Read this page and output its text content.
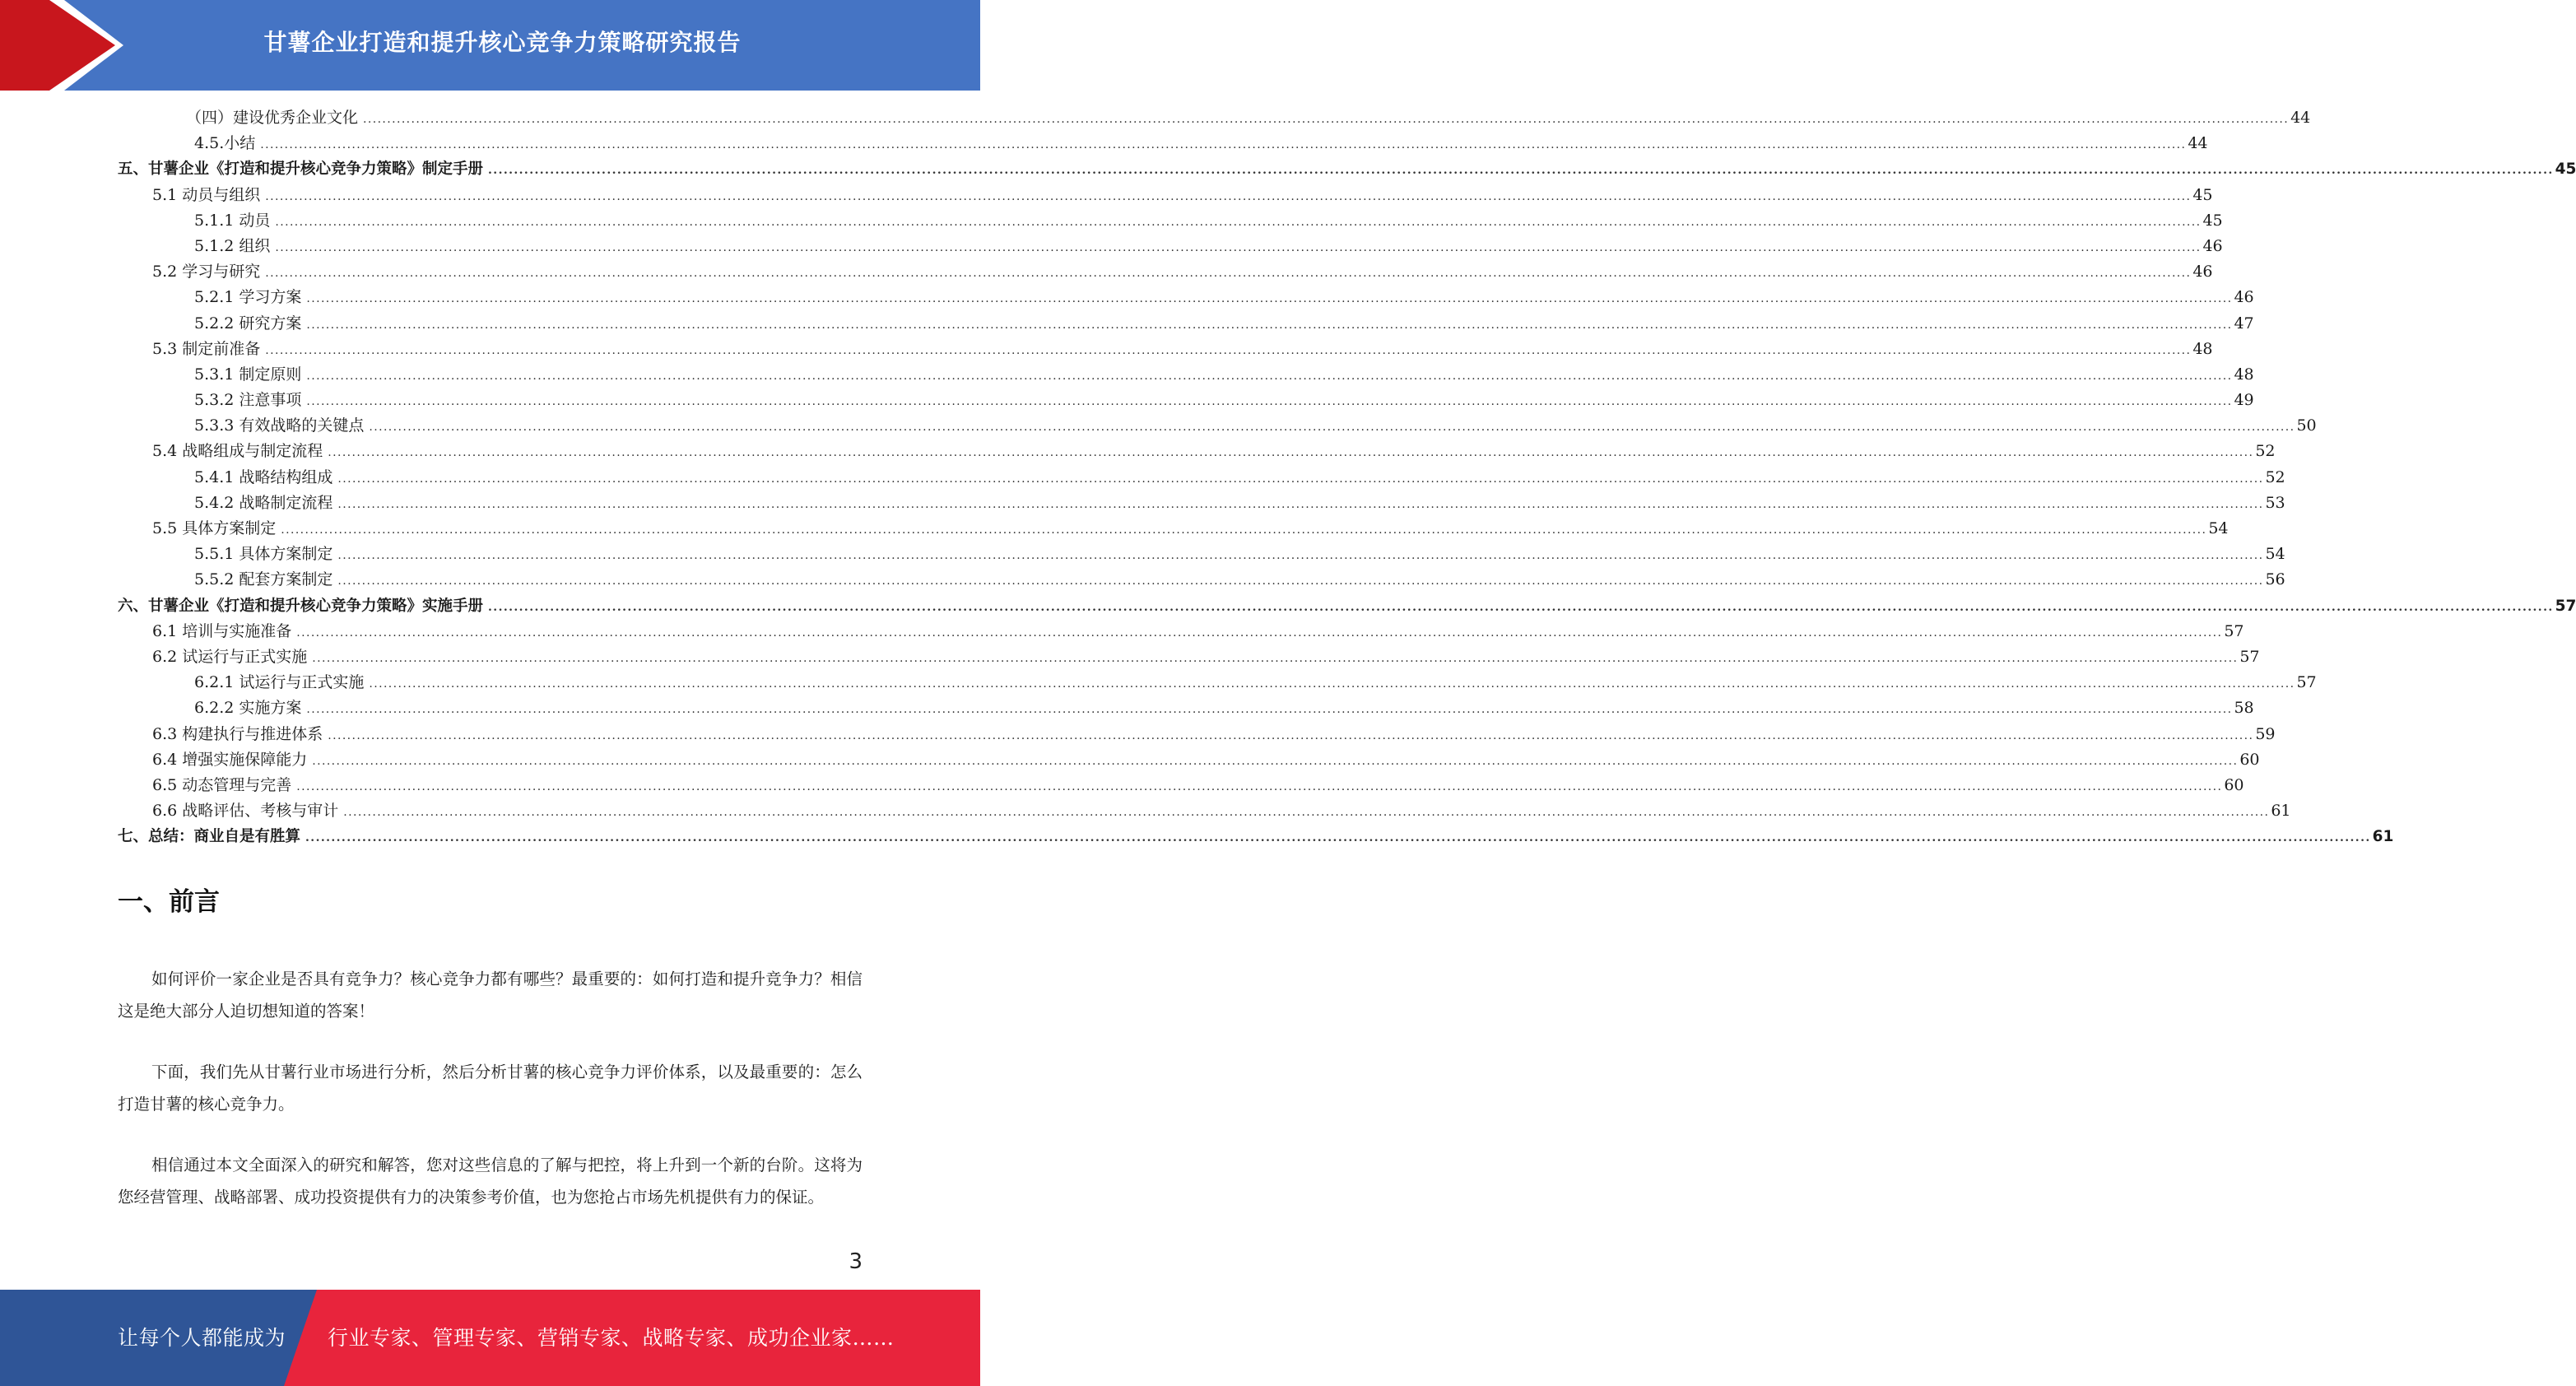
甘薯企业打造和提升核心竞争力策略研究报告
（四）建设优秀企业文化 ................................................................................................................................................................................................................................................................................................................................................................................................................ 44
4.5.小结 ................................................................................................................................................................................................................................................................................................................................................................................................................ 44
五、甘薯企业《打造和提升核心竞争力策略》制定手册 ................................................................................................................................................................................................................................................................................................................................................................................................................ 45
5.1 动员与组织 ................................................................................................................................................................................................................................................................................................................................................................................................................ 45
5.1.1 动员 ................................................................................................................................................................................................................................................................................................................................................................................................................ 45
5.1.2 组织 ................................................................................................................................................................................................................................................................................................................................................................................................................ 46
5.2 学习与研究 ................................................................................................................................................................................................................................................................................................................................................................................................................ 46
5.2.1 学习方案 ................................................................................................................................................................................................................................................................................................................................................................................................................ 46
5.2.2 研究方案 ................................................................................................................................................................................................................................................................................................................................................................................................................ 47
5.3 制定前准备 ................................................................................................................................................................................................................................................................................................................................................................................................................ 48
5.3.1 制定原则 ................................................................................................................................................................................................................................................................................................................................................................................................................ 48
5.3.2 注意事项 ................................................................................................................................................................................................................................................................................................................................................................................................................ 49
5.3.3 有效战略的关键点 ................................................................................................................................................................................................................................................................................................................................................................................................................ 50
5.4 战略组成与制定流程 ................................................................................................................................................................................................................................................................................................................................................................................................................ 52
5.4.1 战略结构组成 ................................................................................................................................................................................................................................................................................................................................................................................................................ 52
5.4.2 战略制定流程 ................................................................................................................................................................................................................................................................................................................................................................................................................ 53
5.5 具体方案制定 ................................................................................................................................................................................................................................................................................................................................................................................................................ 54
5.5.1 具体方案制定 ................................................................................................................................................................................................................................................................................................................................................................................................................ 54
5.5.2 配套方案制定 ................................................................................................................................................................................................................................................................................................................................................................................................................ 56
六、甘薯企业《打造和提升核心竞争力策略》实施手册 ................................................................................................................................................................................................................................................................................................................................................................................................................ 57
6.1 培训与实施准备 ................................................................................................................................................................................................................................................................................................................................................................................................................ 57
6.2 试运行与正式实施 ................................................................................................................................................................................................................................................................................................................................................................................................................ 57
6.2.1 试运行与正式实施 ................................................................................................................................................................................................................................................................................................................................................................................................................ 57
6.2.2 实施方案 ................................................................................................................................................................................................................................................................................................................................................................................................................ 58
6.3 构建执行与推进体系 ................................................................................................................................................................................................................................................................................................................................................................................................................ 59
6.4 增强实施保障能力 ................................................................................................................................................................................................................................................................................................................................................................................................................ 60
6.5 动态管理与完善 ................................................................................................................................................................................................................................................................................................................................................................................................................ 60
6.6 战略评估、考核与审计 ................................................................................................................................................................................................................................................................................................................................................................................................................ 61
七、总结：商业自是有胜算 ................................................................................................................................................................................................................................................................................................................................................................................................................ 61
一、前言

如何评价一家企业是否具有竞争力？核心竞争力都有哪些？最重要的：如何打造和提升竞争力？相信这是绝大部分人迫切想知道的答案！

下面，我们先从甘薯行业市场进行分析，然后分析甘薯的核心竞争力评价体系，以及最重要的：怎么打造甘薯的核心竞争力。

相信通过本文全面深入的研究和解答，您对这些信息的了解与把控，将上升到一个新的台阶。这将为您经营管理、战略部署、成功投资提供有力的决策参考价值，也为您抢占市场先机提供有力的保证。

3
让每个人都能成为 行业专家、管理专家、营销专家、战略专家、成功企业家……
